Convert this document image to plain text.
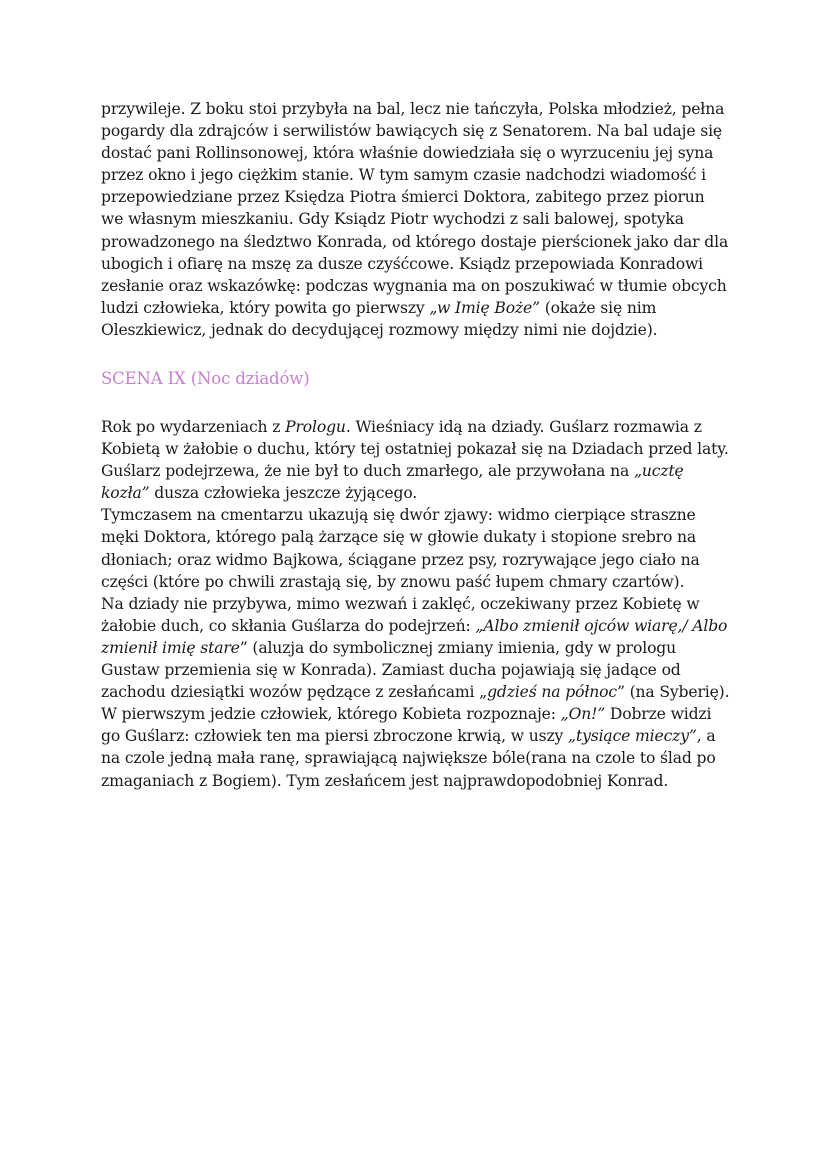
przywileje. Z boku stoi przybyła na bal, lecz nie tańczyła, Polska młodzież, pełna pogardy dla zdrajców i serwilistów bawiących się z Senatorem. Na bal udaje się dostać pani Rollinsonowej, która właśnie dowiedziała się o wyrzuceniu jej syna przez okno i jego ciężkim stanie. W tym samym czasie nadchodzi wiadomość i przepowiedziane przez Księdza Piotra śmierci Doktora, zabitego przez piorun we własnym mieszkaniu. Gdy Ksiądz Piotr wychodzi z sali balowej, spotyka prowadzonego na śledztwo Konrada, od którego dostaje pierścionek jako dar dla ubogich i ofiarę na mszę za dusze czyśćcowe. Ksiądz przepowiada Konradowi zesłanie oraz wskazówkę: podczas wygnania ma on poszukiwać w tłumie obcych ludzi człowieka, który powita go pierwszy „w Imię Boże” (okaże się nim Oleszkiewicz, jednak do decydującej rozmowy między nimi nie dojdzie).

SCENA IX (Noc dziadów)

Rok po wydarzeniach z Prologu. Wieśniacy idą na dziady. Guślarz rozmawia z Kobietą w żałobie o duchu, który tej ostatniej pokazał się na Dziadach przed laty. Guślarz podejrzewa, że nie był to duch zmarłego, ale przywołana na „ucztę kozła” dusza człowieka jeszcze żyjącego.

Tymczasem na cmentarzu ukazują się dwór zjawy: widmo cierpiące straszne męki Doktora, którego palą żarzące się w głowie dukaty i stopione srebro na dłoniach; oraz widmo Bajkowa, ściągane przez psy, rozrywające jego ciało na części (które po chwili zrastają się, by znowu paść łupem chmary czartów).

Na dziady nie przybywa, mimo wezwań i zaklęć, oczekiwany przez Kobietę w żałobie duch, co skłania Guślarza do podejrzeń: „Albo zmienił ojców wiarę,/ Albo zmienił imię stare” (aluzja do symbolicznej zmiany imienia, gdy w prologu Gustaw przemienia się w Konrada). Zamiast ducha pojawiają się jadące od zachodu dziesiątki wozów pędzące z zesłańcami „gdzieś na północ” (na Syberię). W pierwszym jedzie człowiek, którego Kobieta rozpoznaje: „On!” Dobrze widzi go Guślarz: człowiek ten ma piersi zbroczone krwią, w uszy „tysiące mieczy”, a na czole jedną mała ranę, sprawiającą największe bóle(rana na czole to ślad po zmaganiach z Bogiem). Tym zesłańcem jest najprawdopodobniej Konrad.
